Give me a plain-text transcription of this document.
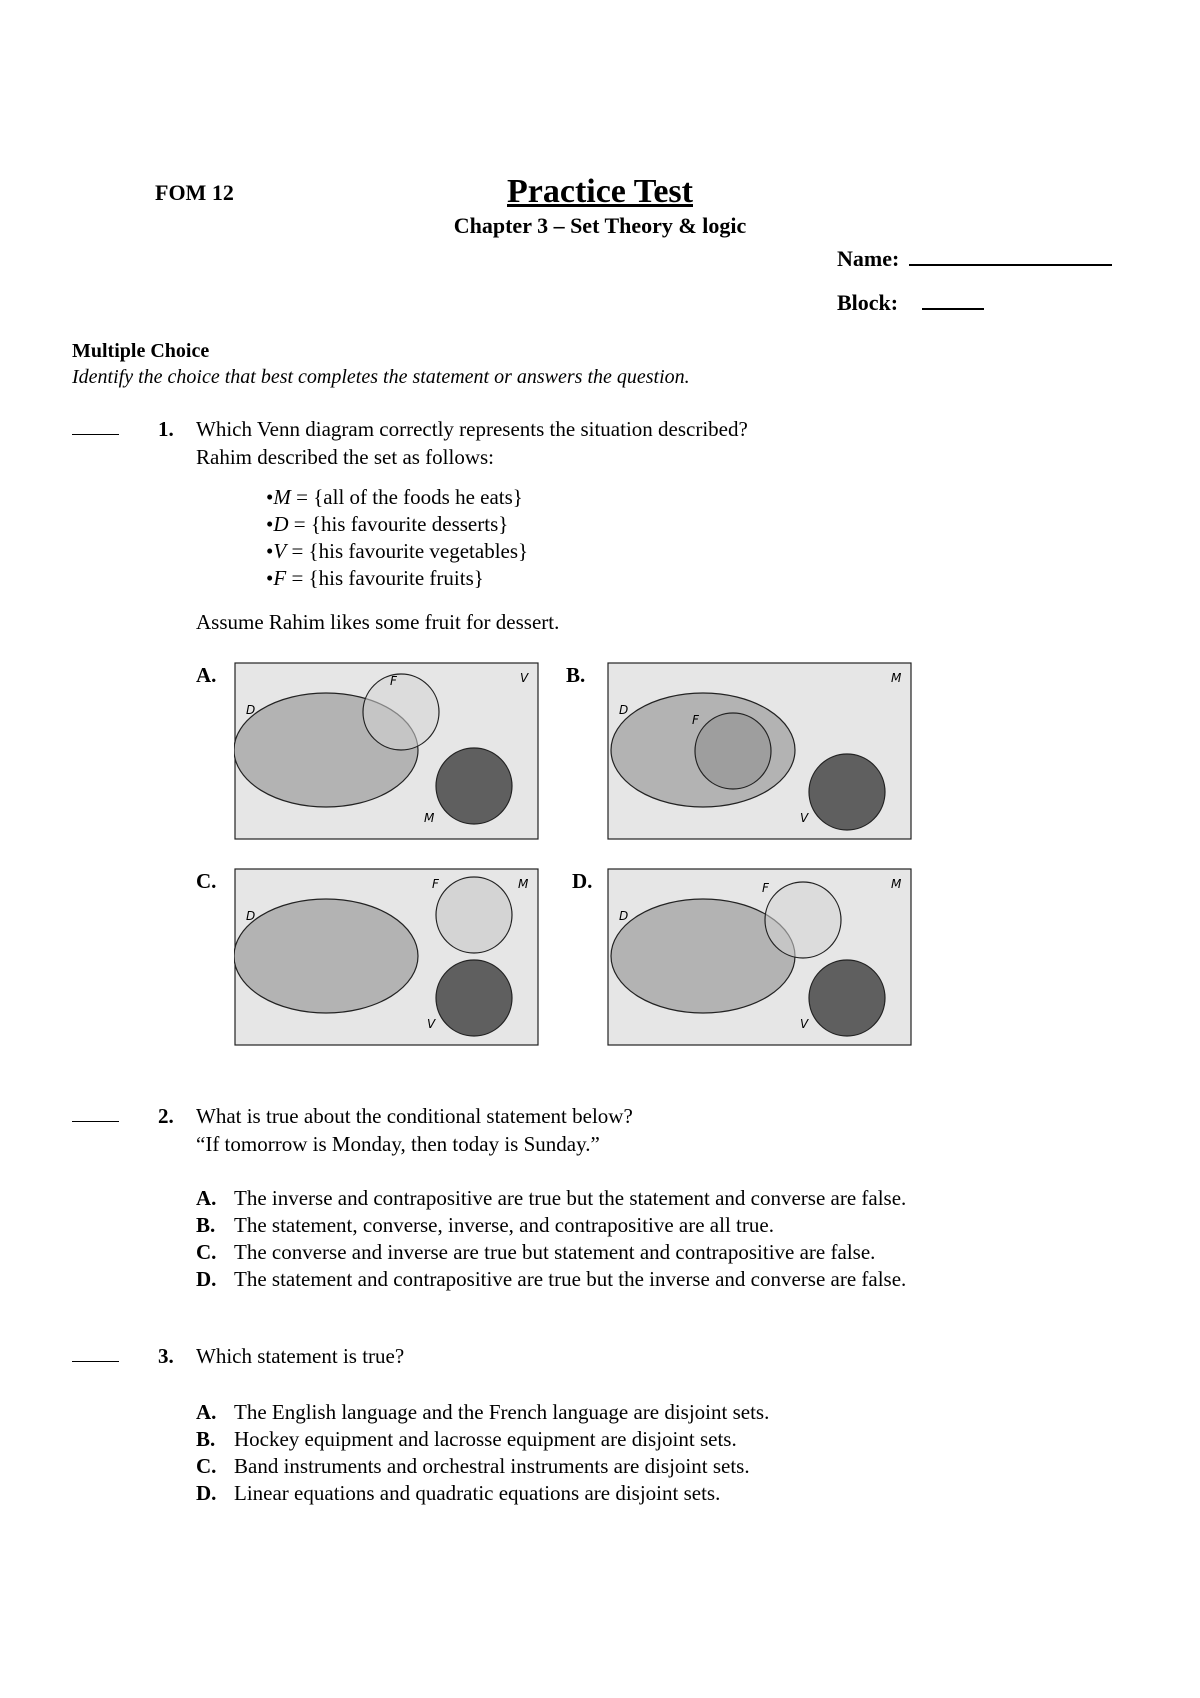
FOM 12	Practice Test
Chapter 3 – Set Theory & logic
Name:
Block:
Multiple Choice
Identify the choice that best completes the statement or answers the question.
1. Which Venn diagram correctly represents the situation described?
Rahim described the set as follows:
•M = {all of the foods he eats}
•D = {his favourite desserts}
•V = {his favourite vegetables}
•F = {his favourite fruits}
Assume Rahim likes some fruit for dessert.
A.	V
D
F
M
B.	M
D
F
V
C.	M
D
F
V
D.	M
D
F
V
2. What is true about the conditional statement below?
“If tomorrow is Monday, then today is Sunday.”
A. The inverse and contrapositive are true but the statement and converse are false.
B. The statement, converse, inverse, and contrapositive are all true.
C. The converse and inverse are true but statement and contrapositive are false.
D. The statement and contrapositive are true but the inverse and converse are false.
3. Which statement is true?
A. The English language and the French language are disjoint sets.
B. Hockey equipment and lacrosse equipment are disjoint sets.
C. Band instruments and orchestral instruments are disjoint sets.
D. Linear equations and quadratic equations are disjoint sets.
